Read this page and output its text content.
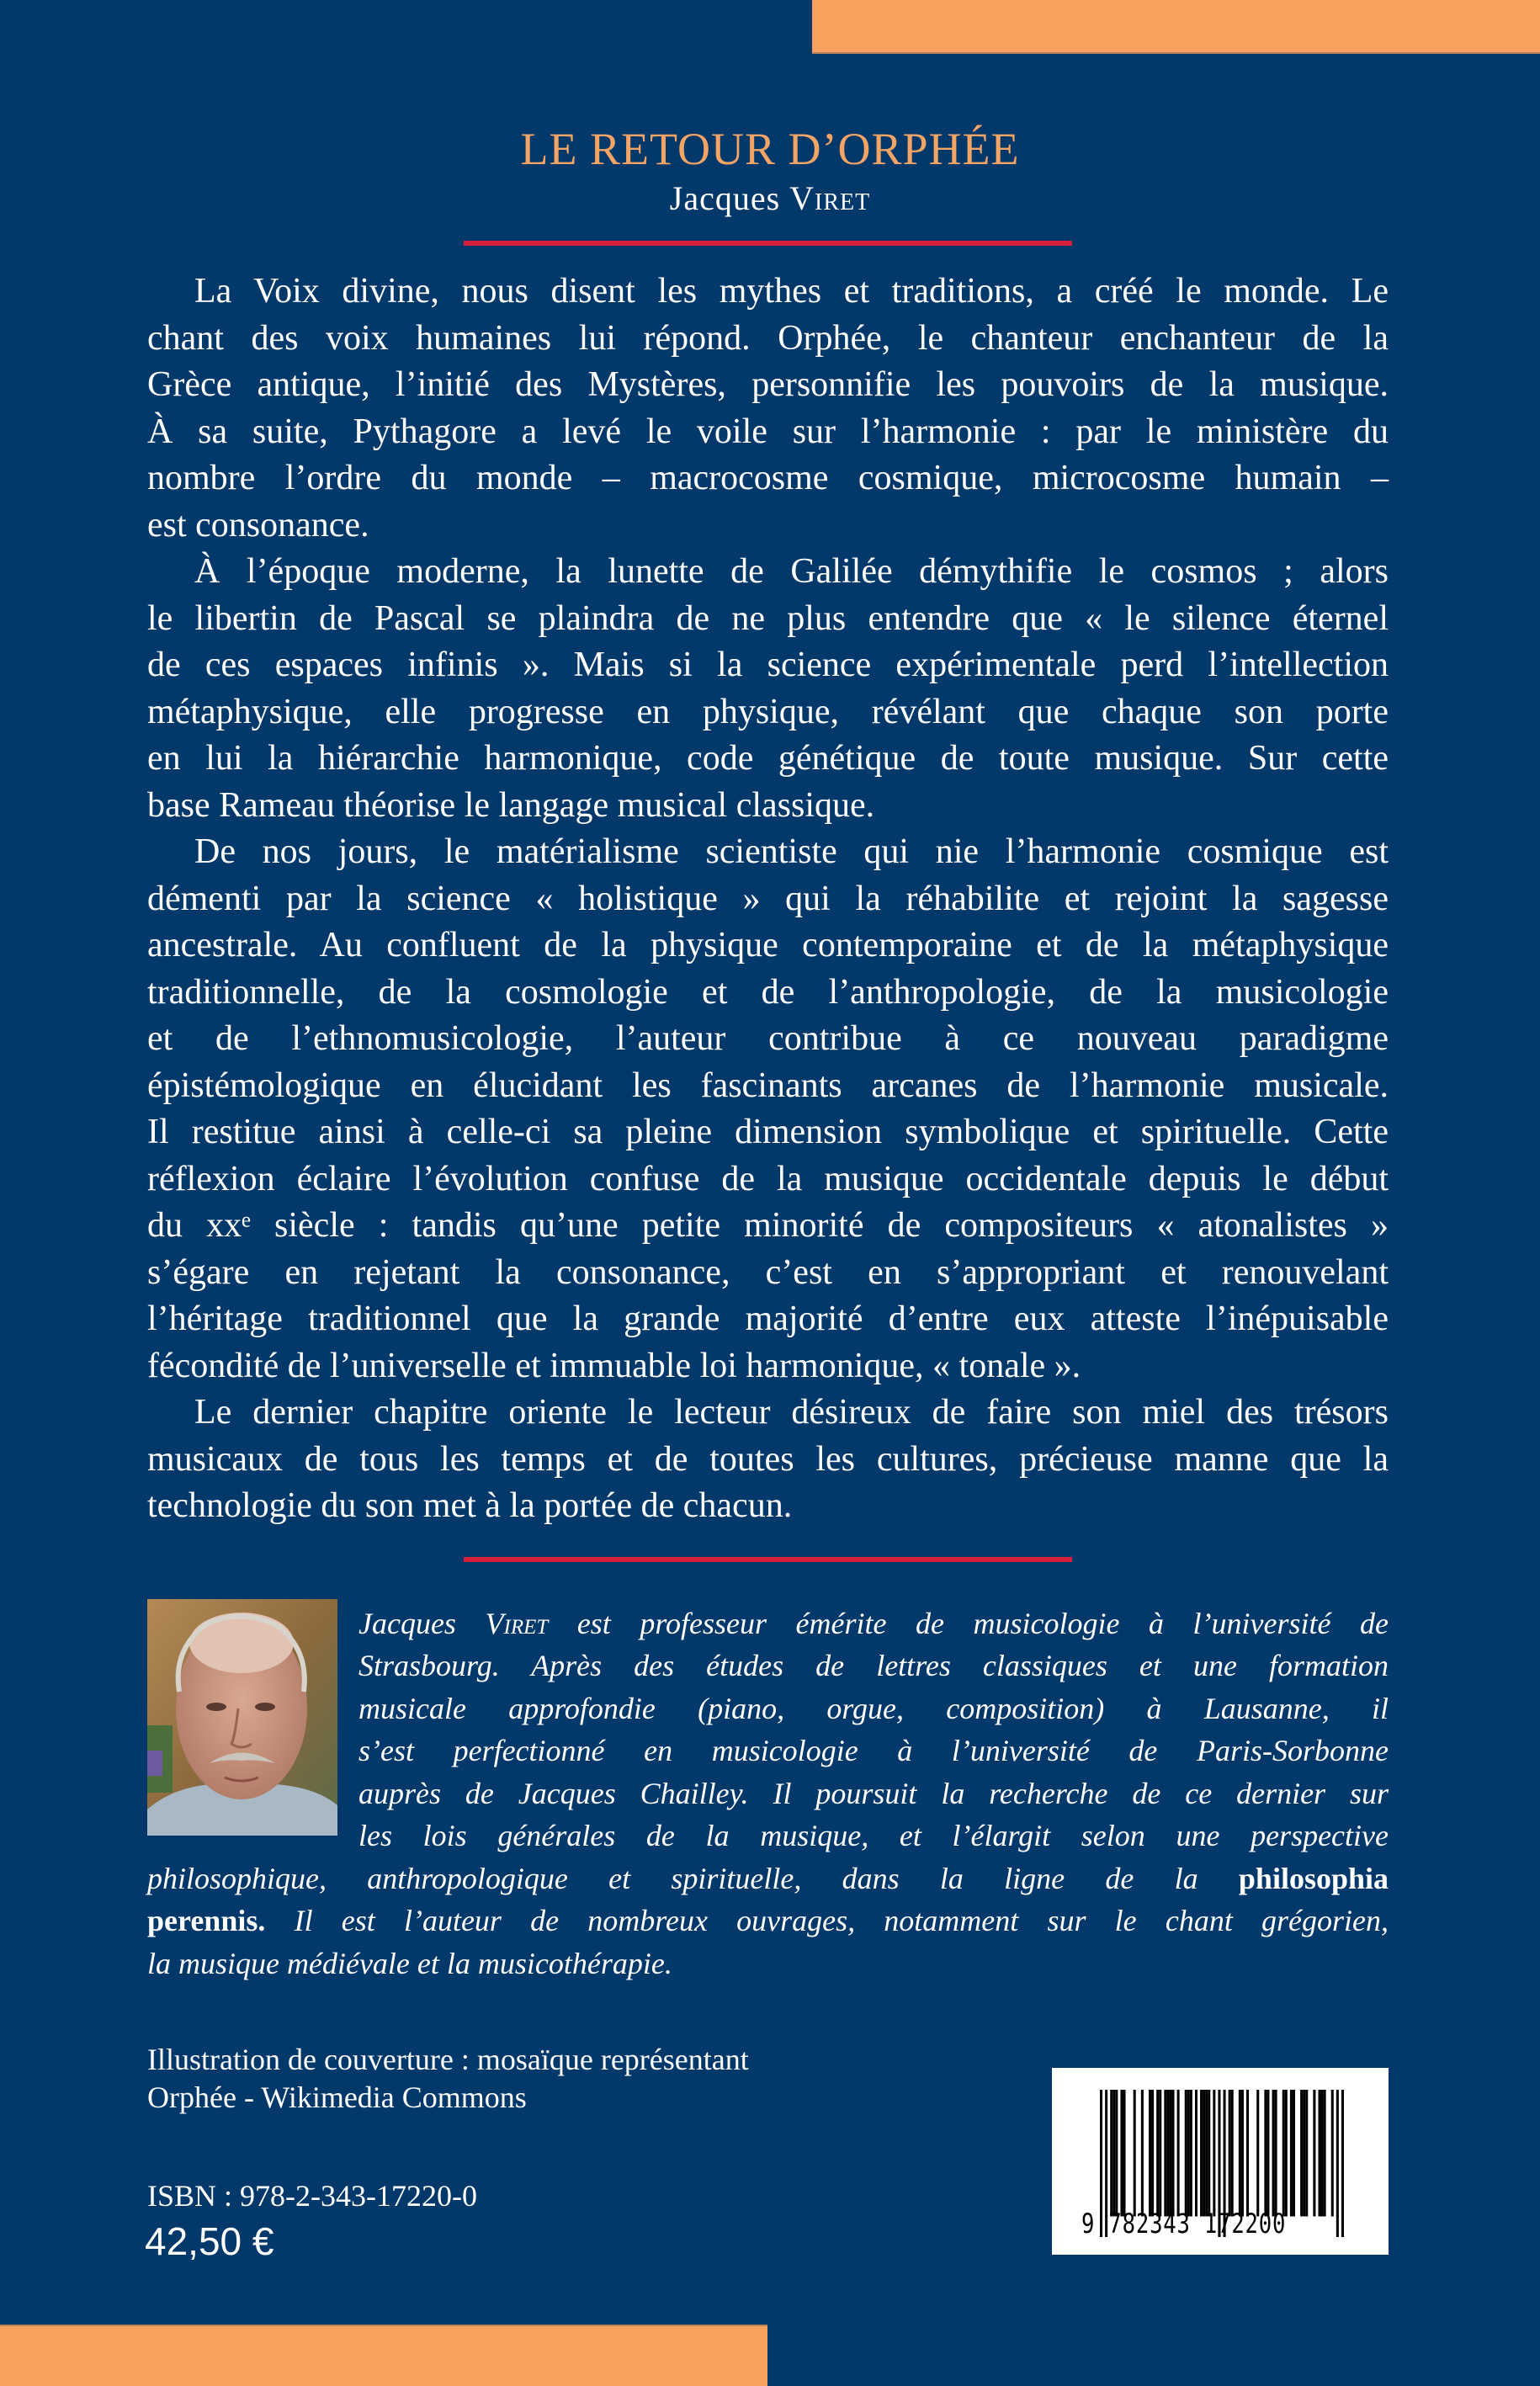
LE RETOUR D’ORPHÉE
Jacques Viret
La Voix divine, nous disent les mythes et traditions, a créé le monde. Le
chant des voix humaines lui répond. Orphée, le chanteur enchanteur de la
Grèce antique, l’initié des Mystères, personnifie les pouvoirs de la musique.
À sa suite, Pythagore a levé le voile sur l’harmonie : par le ministère du
nombre l’ordre du monde – macrocosme cosmique, microcosme humain –
est consonance.
À l’époque moderne, la lunette de Galilée démythifie le cosmos ; alors
le libertin de Pascal se plaindra de ne plus entendre que « le silence éternel
de ces espaces infinis ». Mais si la science expérimentale perd l’intellection
métaphysique, elle progresse en physique, révélant que chaque son porte
en lui la hiérarchie harmonique, code génétique de toute musique. Sur cette
base Rameau théorise le langage musical classique.
De nos jours, le matérialisme scientiste qui nie l’harmonie cosmique est
démenti par la science « holistique » qui la réhabilite et rejoint la sagesse
ancestrale. Au confluent de la physique contemporaine et de la métaphysique
traditionnelle, de la cosmologie et de l’anthropologie, de la musicologie
et de l’ethnomusicologie, l’auteur contribue à ce nouveau paradigme
épistémologique en élucidant les fascinants arcanes de l’harmonie musicale.
Il restitue ainsi à celle-ci sa pleine dimension symbolique et spirituelle. Cette
réflexion éclaire l’évolution confuse de la musique occidentale depuis le début
du xxᵉ siècle : tandis qu’une petite minorité de compositeurs « atonalistes »
s’égare en rejetant la consonance, c’est en s’appropriant et renouvelant
l’héritage traditionnel que la grande majorité d’entre eux atteste l’inépuisable
fécondité de l’universelle et immuable loi harmonique, « tonale ».
Le dernier chapitre oriente le lecteur désireux de faire son miel des trésors
musicaux de tous les temps et de toutes les cultures, précieuse manne que la
technologie du son met à la portée de chacun.
Jacques Viret est professeur émérite de musicologie à l’université de
Strasbourg. Après des études de lettres classiques et une formation
musicale approfondie (piano, orgue, composition) à Lausanne, il
s’est perfectionné en musicologie à l’université de Paris-Sorbonne
auprès de Jacques Chailley. Il poursuit la recherche de ce dernier sur
les lois générales de la musique, et l’élargit selon une perspective
philosophique, anthropologique et spirituelle, dans la ligne de la philosophia
perennis. Il est l’auteur de nombreux ouvrages, notamment sur le chant grégorien,
la musique médiévale et la musicothérapie.
Illustration de couverture : mosaïque représentant
Orphée - Wikimedia Commons
ISBN : 978-2-343-17220-0
42,50 €	9 782343 172200
